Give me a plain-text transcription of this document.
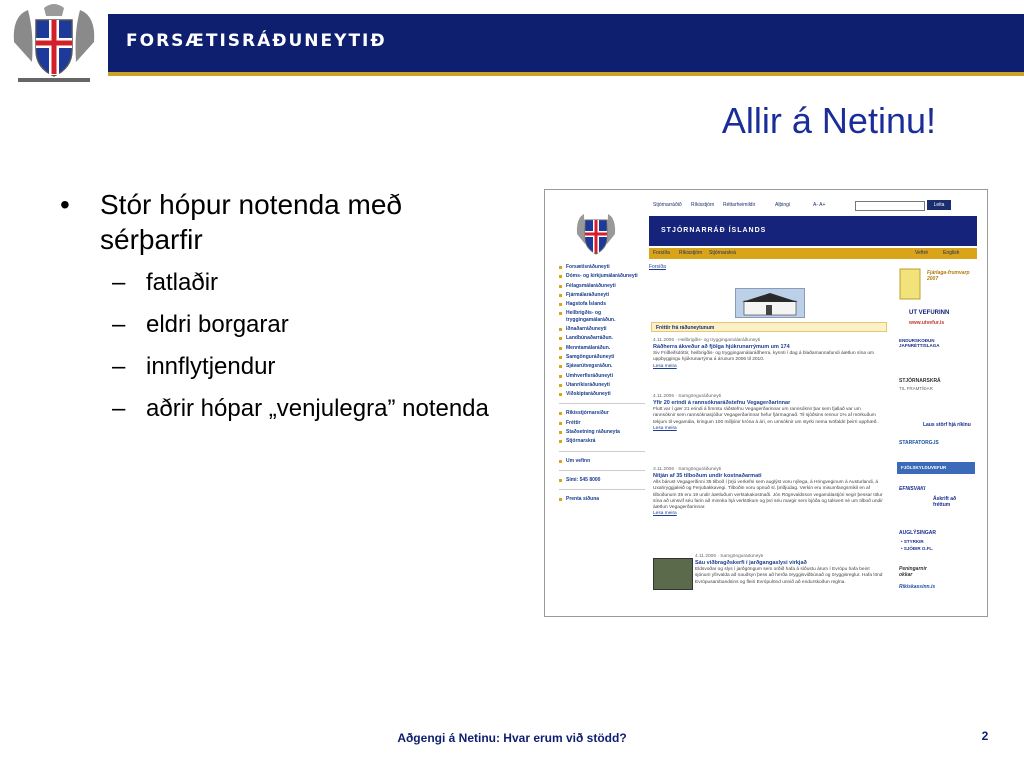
FORSÆTISRÁÐUNEYTIÐ
Allir á Netinu!
• Stór hópur notenda með sérþarfir
– fatlaðir
– eldri borgarar
– innflytjendur
– aðrir hópar „venjulegra” notenda
Stjórnarráðið Ríkisstjórn Réttarheimildir	Alþingi	A- A+	Leita
STJÓRNARRÁÐ ÍSLANDS
Forsíða Ríkisstjórn Stjórnarskrá	Veftré	English
Forsætisráðuneyti
Dóms- og kirkjumálaráðuneyti
Félagsmálaráðuneyti
Fjármálaráðuneyti
Hagstofa Íslands
Heilbrigðis- og tryggingamálaráðun.
Iðnaðarráðuneyti
Landbúnaðarráðun.
Menntamálaráðun.
Samgönguráðuneyti
Sjávarútvegsráðun.
Umhverfisráðuneyti
Utanríkisráðuneyti
Viðskiptaráðuneyti

Ríkisstjórnarsíður
Fréttir
Staðsetning ráðuneyta
Stjórnarskrá

Um vefinn

Sími: 545 8000

Prenta síðuna
Forsíða
Fréttir frá ráðuneytunum
4.11.2006 · Heilbrigðis- og tryggingamálaráðuneyti
Ráðherra ákveður að fjölga hjúkrunarrýmum um 174
Siv Friðleifsdóttir, heilbrigðis- og tryggingamálaráðherra, kynnti í dag á blaðamannafundi áætlun sína um uppbyggingu hjúkrunarrýma á árunum 2006 til 2010.
Lesa meira
4.11.2006 · Samgönguráðuneyti
Yfir 20 erindi á rannsóknaráðstefnu Vegagerðarinnar
Flutt var í gær 21 erindi á fimmtu ráðstefnu Vegagerðarinnar um rannsóknir þar sem fjallað var um rannsóknir sem rannsóknasjóður Vegagerðarinnar hefur fjármagnað. Til sjóðsins rennur 1% af mörkuðum tekjum til vegamála, kringum 100 milljónir króna á ári, en umsóknir um styrki nema tvöfaldri þeirri upphæð.
Lesa meira
3.11.2006 · Samgönguráðuneyti
Nítján af 35 tilboðum undir kostnaðarmati
Alls bárust Vegagerðinni 35 tilboð í þrjú verkefni sem auglýst voru nýlega, á Hringveginum á Austurlandi, á Uxahryggjaleið og Ferjubakkavegi. Tilboðin voru opnuð sl. þriðjudag. Verkin eru misumfangsmikil en af tilboðunum 35 eru 19 undir áætluðum verktakakostnaði. Jón Rögnvaldsson vegamálastjóri segir þessar tölur sína að umsvif séu farin að minnka hjá verktökum og því séu margir sem bjóða og talsvert sé um tilboð undir áætlun Vegagerðarinnar.
Lesa meira
4.11.2006 · Samgönguráðuneyti
Sáu viðbragðskerfi í jarðgangaslysi virkjað
Eldsvoðar og slys í jarðgöngum sem orðið hafa á síðustu árum í Evrópu hafa beint sjónum yfirvalda að nauðsyn þess að herða öryggisviðbúnað og öryggisreglur. Hafa lönd Evrópusambandsins og fleiri Evrópulönd unnið að endurskoðun reglna.
Fjárlaga-frumvarp 2007
UT VEFURINN
www.utvefur.is
ENDURSKOÐUN JAFNRÉTTISLAGA
STJÓRNARSKRÁ
TIL FRAMTÍÐAR
Laus störf hjá ríkinu
STARFATORG.IS
FJÖLSKYLDUVEFUR
EFNISVAKI
Áskrift að fréttum
AUGLÝSINGAR
• STYRKIR
• SJÓÐIR O.FL.
Peningarnir okkar
Rikiskassinn.is
Aðgengi á Netinu: Hvar erum við stödd?	2
